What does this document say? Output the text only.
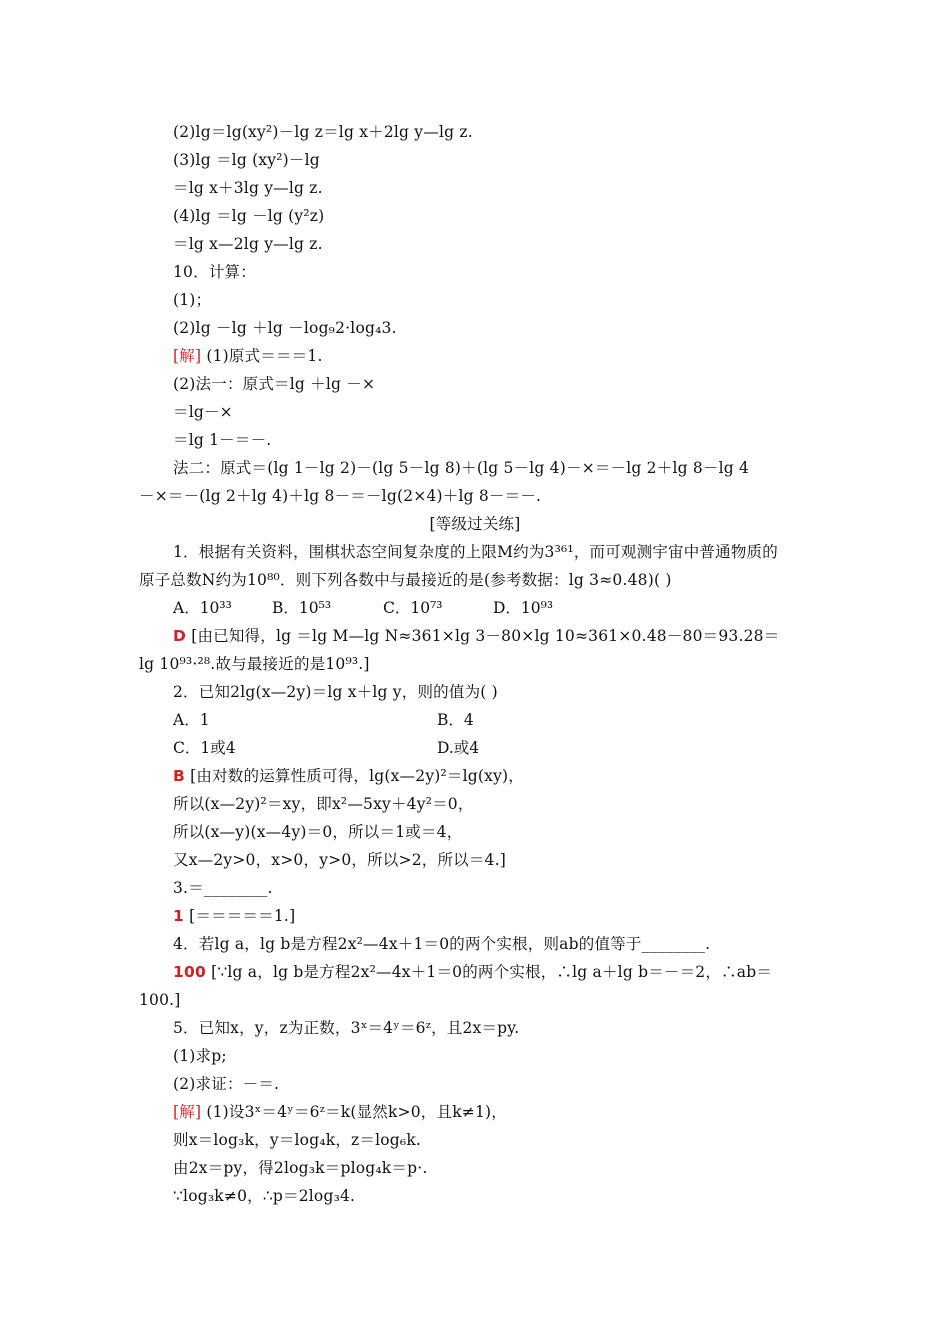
(2)lg＝lg(xy²)－lg z＝lg x＋2lg y—lg z.
(3)lg ＝lg (xy²)－lg
＝lg x＋3lg y—lg z.
(4)lg ＝lg －lg (y²z)
＝lg x—2lg y—lg z.
10．计算：
(1)；
(2)lg －lg ＋lg －log₉2·log₄3.
[解] (1)原式＝＝＝1.
(2)法一：原式＝lg ＋lg －×
＝lg－×
＝lg 1－＝－.
法二：原式＝(lg 1－lg 2)－(lg 5－lg 8)＋(lg 5－lg 4)－×＝－lg 2＋lg 8－lg 4
－×＝－(lg 2＋lg 4)＋lg 8－＝－lg(2×4)＋lg 8－＝－.
[等级过关练]
1．根据有关资料，围棋状态空间复杂度的上限M约为3³⁶¹，而可观测宇宙中普通物质的
原子总数N约为10⁸⁰．则下列各数中与最接近的是(参考数据：lg 3≈0.48)( )
A．10³³	B．10⁵³	C．10⁷³	D．10⁹³
D [由已知得，lg ＝lg M—lg N≈361×lg 3－80×lg 10≈361×0.48－80＝93.28＝
lg 10⁹³·²⁸.故与最接近的是10⁹³.]
2．已知2lg(x—2y)＝lg x＋lg y，则的值为( )
A．1	B．4
C．1或4	D.或4
B [由对数的运算性质可得，lg(x—2y)²＝lg(xy)，
所以(x—2y)²＝xy，即x²—5xy＋4y²＝0，
所以(x—y)(x—4y)＝0，所以＝1或＝4，
又x—2y>0，x>0，y>0，所以>2，所以＝4.]
3.＝________.
1 [＝＝＝＝＝1.]
4．若lg a，lg b是方程2x²—4x＋1＝0的两个实根，则ab的值等于________.
100 [∵lg a，lg b是方程2x²—4x＋1＝0的两个实根，∴lg a＋lg b＝－＝2，∴ab＝
100.]
5．已知x，y，z为正数，3ˣ＝4ʸ＝6ᶻ，且2x＝py.
(1)求p;
(2)求证：－＝.
[解] (1)设3ˣ＝4ʸ＝6ᶻ＝k(显然k>0，且k≠1)，
则x＝log₃k，y＝log₄k，z＝log₆k.
由2x＝py，得2log₃k＝plog₄k＝p·.
∵log₃k≠0，∴p＝2log₃4.
